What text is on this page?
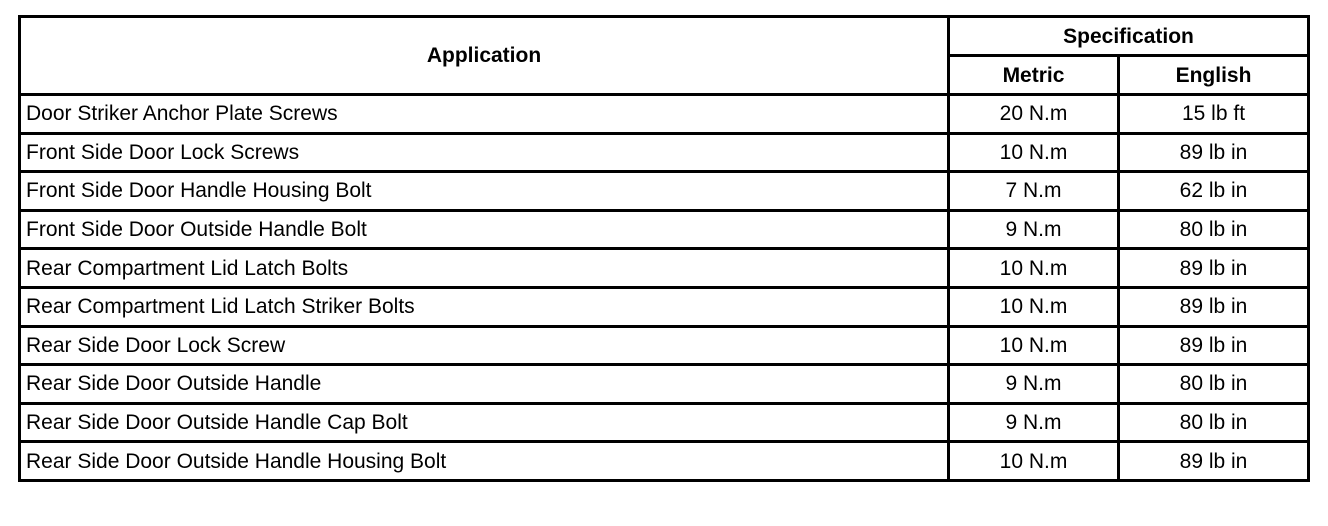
Application	Specification	
	Metric	English
Door Striker Anchor Plate Screws	20 N.m	15 lb ft
Front Side Door Lock Screws	10 N.m	89 lb in
Front Side Door Handle Housing Bolt	7 N.m	62 lb in
Front Side Door Outside Handle Bolt	9 N.m	80 lb in
Rear Compartment Lid Latch Bolts	10 N.m	89 lb in
Rear Compartment Lid Latch Striker Bolts	10 N.m	89 lb in
Rear Side Door Lock Screw	10 N.m	89 lb in
Rear Side Door Outside Handle	9 N.m	80 lb in
Rear Side Door Outside Handle Cap Bolt	9 N.m	80 lb in
Rear Side Door Outside Handle Housing Bolt	10 N.m	89 lb in
